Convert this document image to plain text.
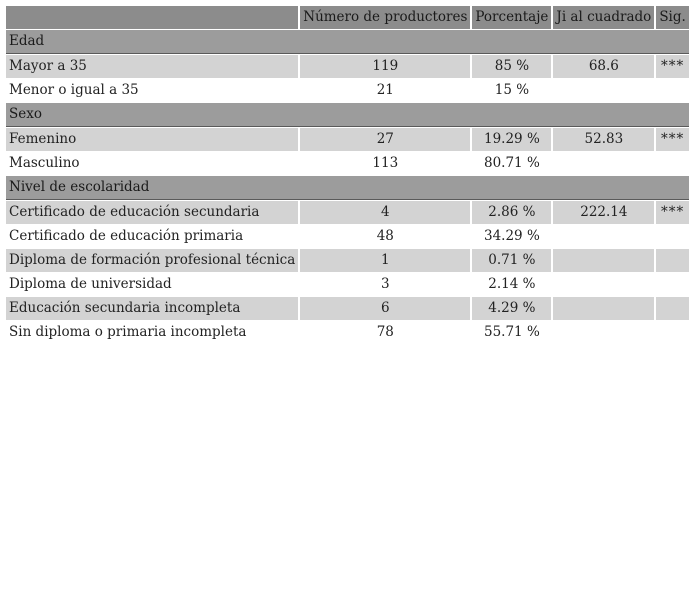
	Número de productores	Porcentaje	Ji al cuadrado	Sig.
Edad				
Mayor a 35	119	85 %	68.6	***
Menor o igual a 35	21	15 %		
Sexo				
Femenino	27	19.29 %	52.83	***
Masculino	113	80.71 %		
Nivel de escolaridad				
Certificado de educación secundaria	4	2.86 %	222.14	***
Certificado de educación primaria	48	34.29 %		
Diploma de formación profesional técnica	1	0.71 %		
Diploma de universidad	3	2.14 %		
Educación secundaria incompleta	6	4.29 %		
Sin diploma o primaria incompleta	78	55.71 %		
